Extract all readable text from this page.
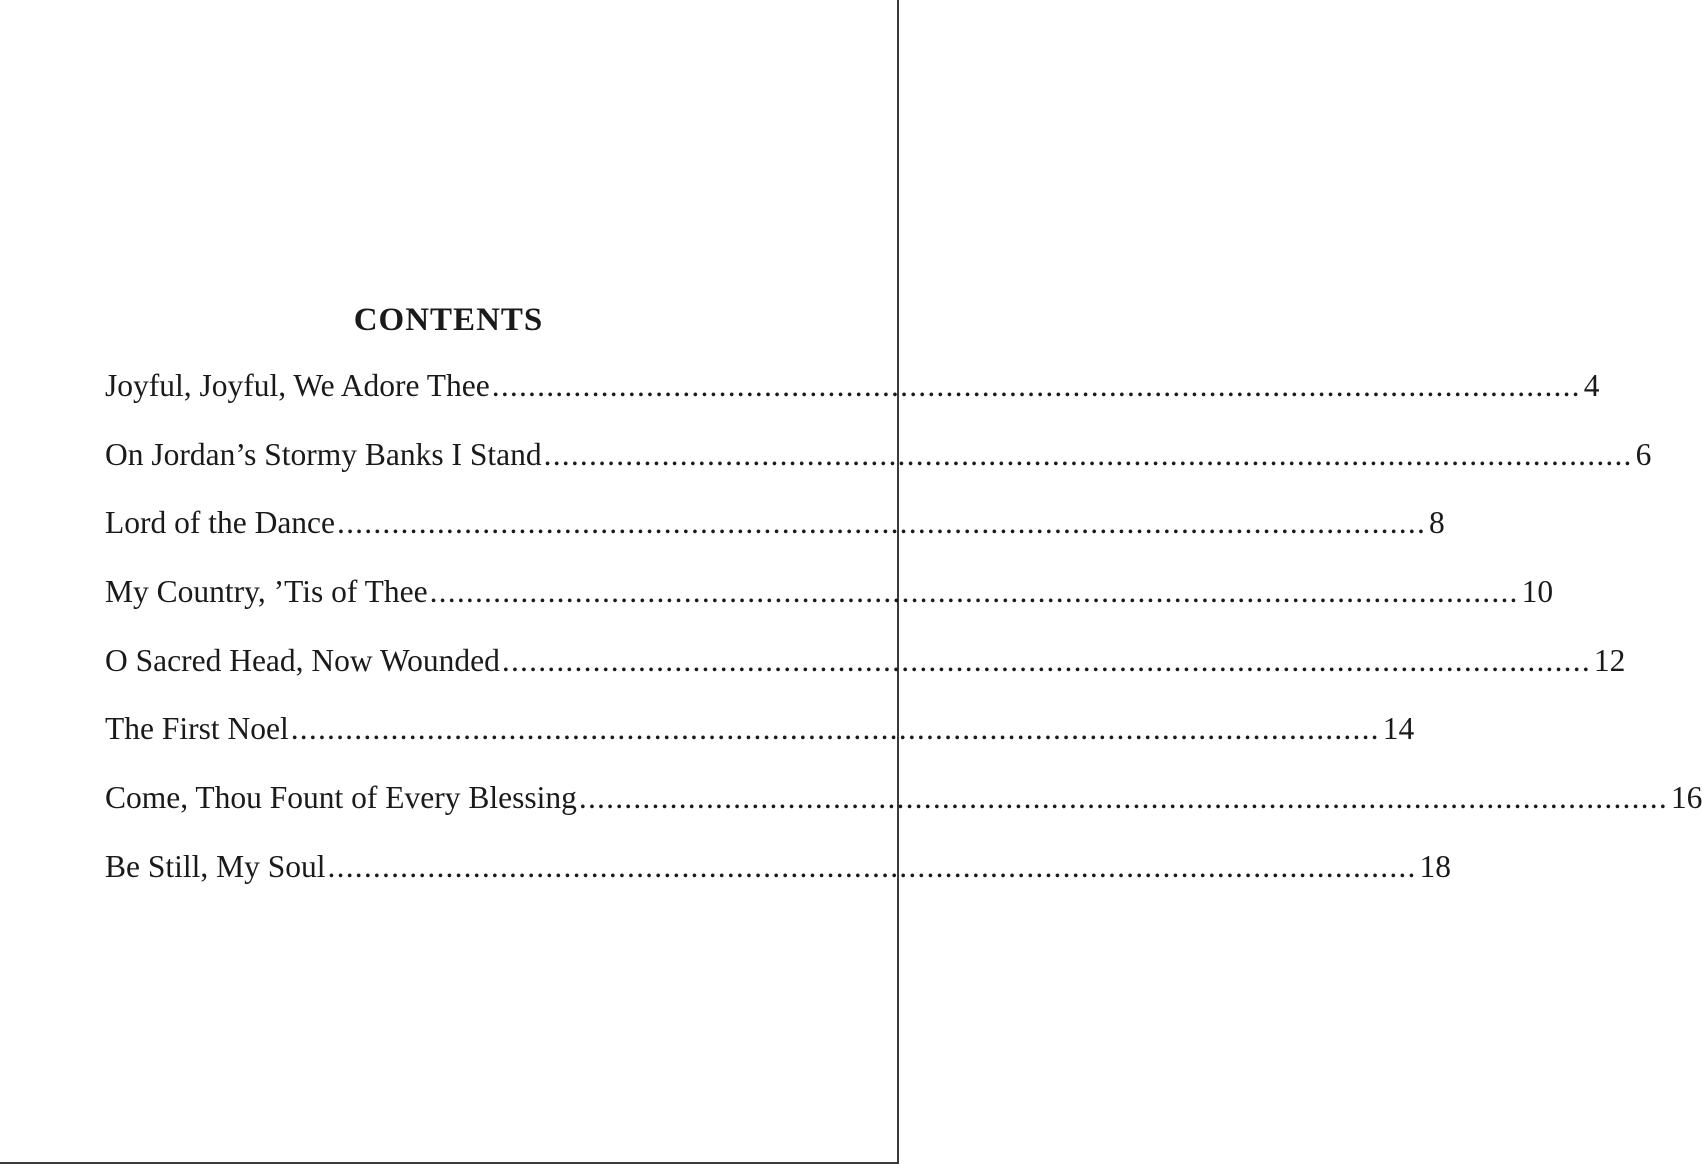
CONTENTS
Joyful, Joyful, We Adore Thee ........................................................................................................................ 4
On Jordan’s Stormy Banks I Stand ........................................................................................................................ 6
Lord of the Dance ........................................................................................................................ 8
My Country, ’Tis of Thee ........................................................................................................................ 10
O Sacred Head, Now Wounded ........................................................................................................................ 12
The First Noel ........................................................................................................................ 14
Come, Thou Fount of Every Blessing ........................................................................................................................ 16
Be Still, My Soul ........................................................................................................................ 18
